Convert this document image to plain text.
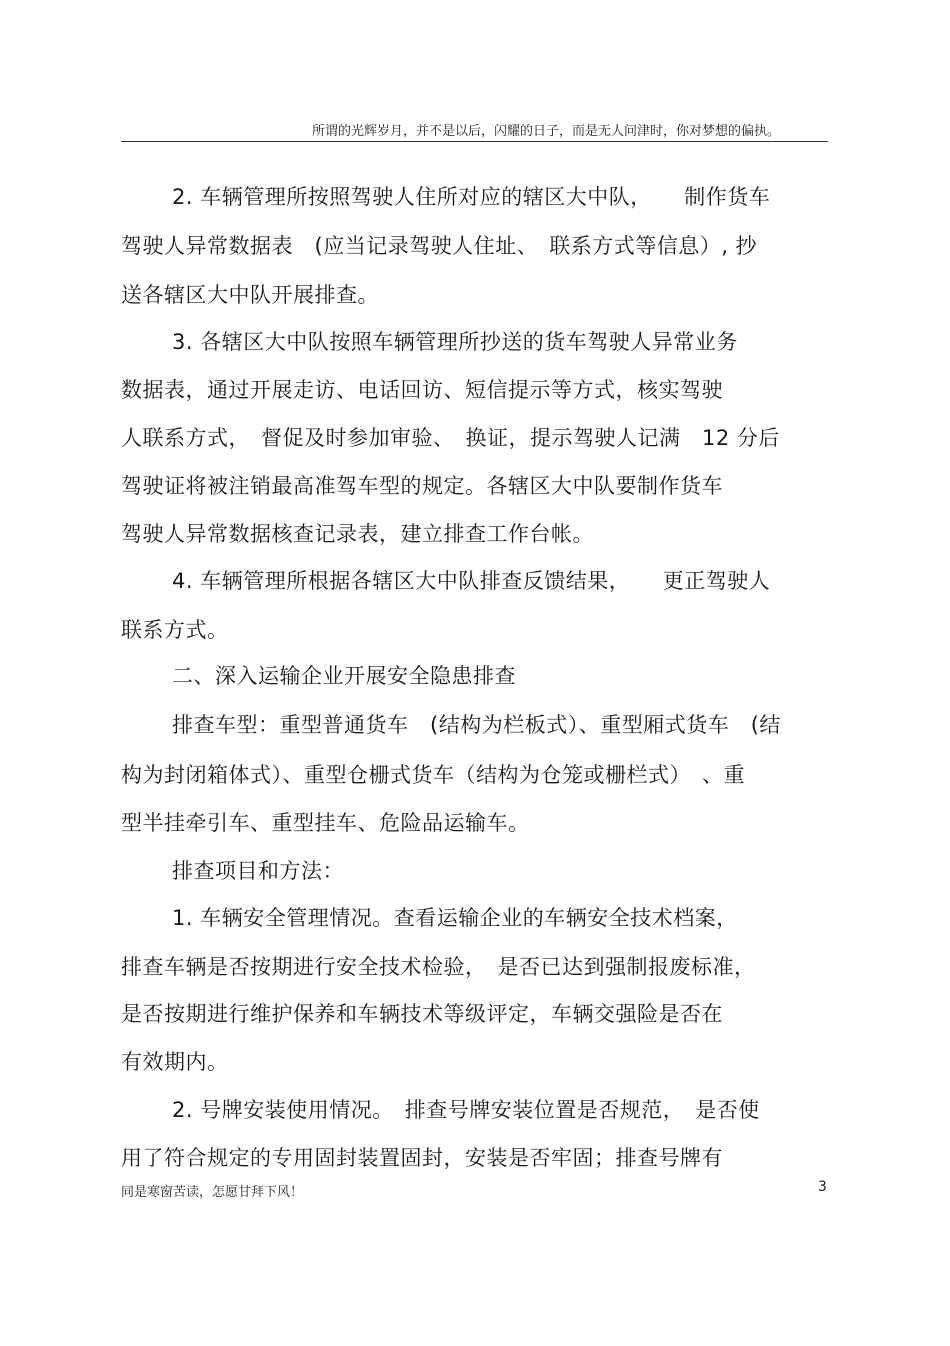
所谓的光辉岁月，并不是以后，闪耀的日子，而是无人问津时，你对梦想的偏执。
2. 车辆管理所按照驾驶人住所对应的辖区大中队，　　制作货车
驾驶人异常数据表　(应当记录驾驶人住址、　联系方式等信息）, 抄
送各辖区大中队开展排查。
3. 各辖区大中队按照车辆管理所抄送的货车驾驶人异常业务
数据表，通过开展走访、电话回访、短信提示等方式，核实驾驶
人联系方式，　督促及时参加审验、　换证，提示驾驶人记满　12 分后
驾驶证将被注销最高准驾车型的规定。各辖区大中队要制作货车
驾驶人异常数据核查记录表，建立排查工作台帐。
4. 车辆管理所根据各辖区大中队排查反馈结果，　　更正驾驶人
联系方式。
二、深入运输企业开展安全隐患排查
排查车型：重型普通货车　(结构为栏板式）、重型厢式货车　(结
构为封闭箱体式）、重型仓栅式货车（结构为仓笼或栅栏式）　、重
型半挂牵引车、重型挂车、危险品运输车。
排查项目和方法：
1. 车辆安全管理情况。查看运输企业的车辆安全技术档案，
排查车辆是否按期进行安全技术检验，　是否已达到强制报废标准，
是否按期进行维护保养和车辆技术等级评定，车辆交强险是否在
有效期内。
2. 号牌安装使用情况。　排查号牌安装位置是否规范，　是否使
用了符合规定的专用固封装置固封，安装是否牢固；排查号牌有
同是寒窗苦读，怎愿甘拜下风！	3
